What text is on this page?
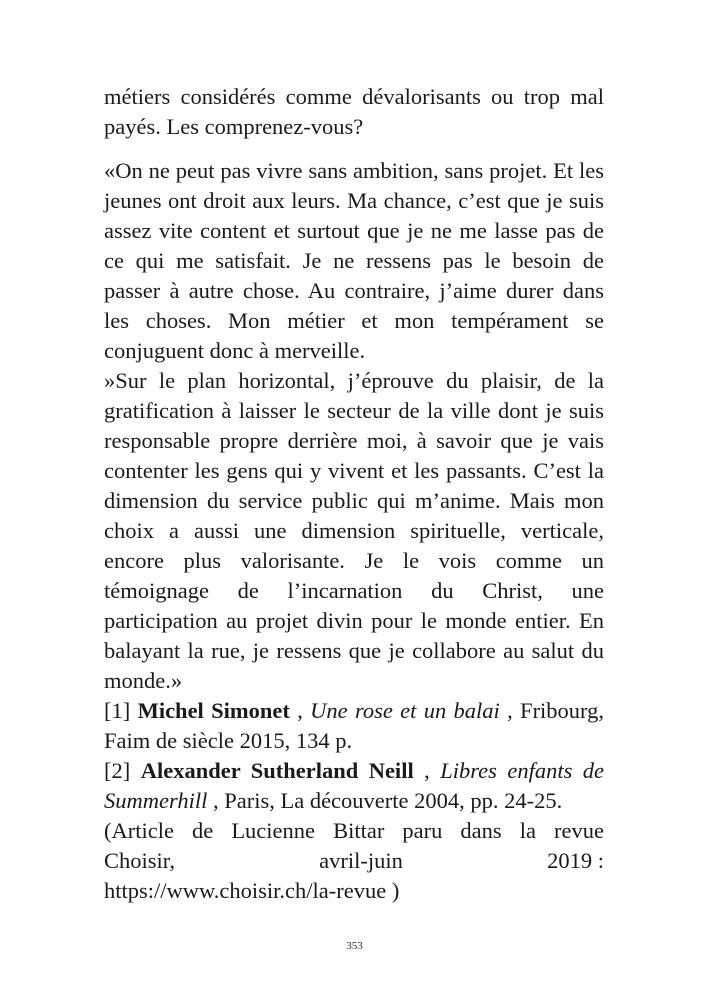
métiers considérés comme dévalorisants ou trop mal payés. Les comprenez-vous?

«On ne peut pas vivre sans ambition, sans projet. Et les jeunes ont droit aux leurs. Ma chance, c’est que je suis assez vite content et surtout que je ne me lasse pas de ce qui me satisfait. Je ne ressens pas le besoin de passer à autre chose. Au contraire, j’aime durer dans les choses. Mon métier et mon tempérament se conjuguent donc à merveille.

»Sur le plan horizontal, j’éprouve du plaisir, de la gratification à laisser le secteur de la ville dont je suis responsable propre derrière moi, à savoir que je vais contenter les gens qui y vivent et les passants. C’est la dimension du service public qui m’anime. Mais mon choix a aussi une dimension spirituelle, verticale, encore plus valorisante. Je le vois comme un témoignage de l’incarnation du Christ, une participation au projet divin pour le monde entier. En balayant la rue, je ressens que je collabore au salut du monde.»

[1] Michel Simonet , Une rose et un balai , Fribourg, Faim de siècle 2015, 134 p.

[2] Alexander Sutherland Neill , Libres enfants de Summerhill , Paris, La découverte 2004, pp. 24-25.

(Article de Lucienne Bittar paru dans la revue
Choisir,	avril-juin	2019 :
https://www.choisir.ch/la-revue )
353
